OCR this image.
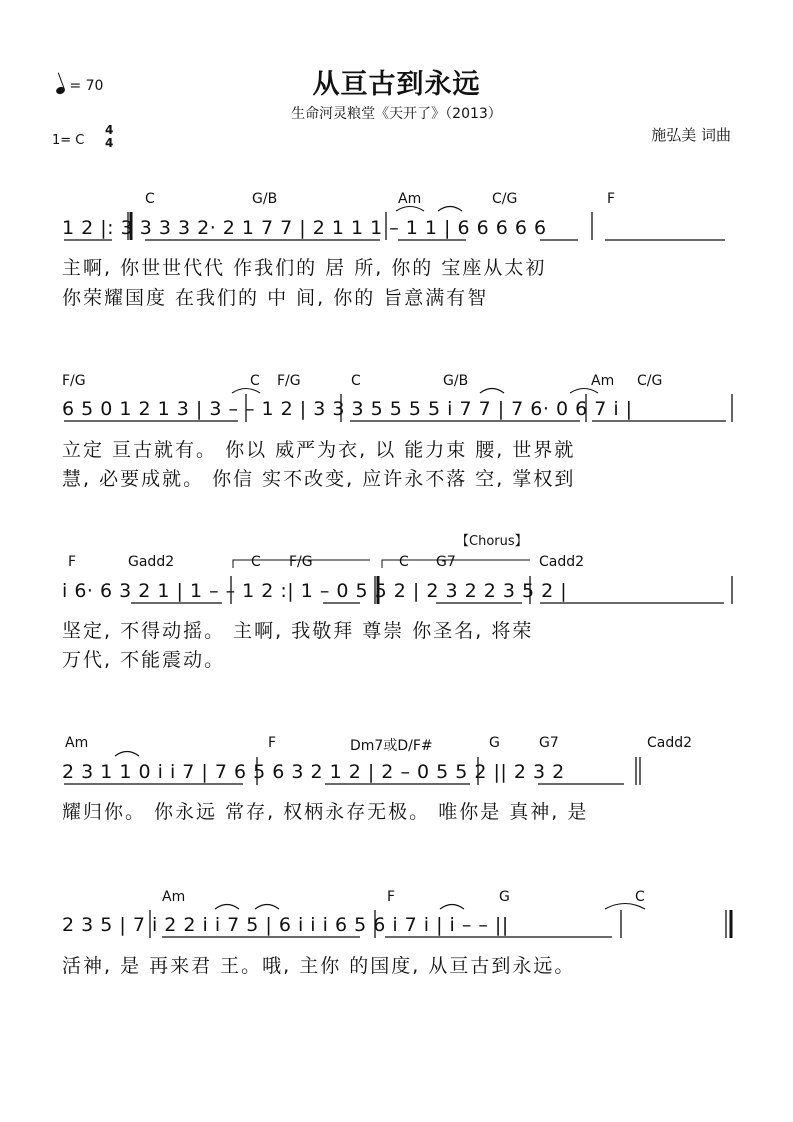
= 70	从亘古到永远
生命河灵粮堂《天开了》（2013）
施弘美 词曲
1= C
4
4
C	G/B	Am	C/G	F
1 2 |: 3 3 3 3 2· 2 1 7 7 | 2 1 1 1 – 1 1 | 6 6 6 6 6
主啊, 你世世代代 作我们的 居 所, 你的 宝座从太初
你荣耀国度 在我们的 中 间, 你的 旨意满有智
F/G	C F/G	C	G/B	Am C/G
6 5 0 1 2 1 3 | 3 – – 1 2 | 3 3 3 5 5 5 5 i 7 7 | 7 6· 0 6 7 i |
立定 亘古就有。 你以 威严为衣, 以 能力束 腰, 世界就
慧, 必要成就。 你信 实不改变, 应许永不落 空, 掌权到
【Chorus】
F	Gadd2	C F/G	C G7	Cadd2
i 6· 6 3 2 1 | 1 – – 1 2 :| 1 – 0 5 5 2 | 2 3 2 2 3 5 2 |
坚定, 不得动摇。 主啊, 我敬拜 尊崇 你圣名, 将荣
万代, 不能震动。
Am	F	Dm7或D/F#	G	G7	Cadd2
2 3 1 1 0 i i 7 | 7 6 5 6 3 2 1 2 | 2 – 0 5 5 2 || 2 3 2
耀归你。 你永远 常存, 权柄永存无极。 唯你是 真神, 是
Am	F	G	C
2 3 5 | 7 i 2 2 i i 7 5 | 6 i i i 6 5 6 i 7 i | i – – ||
活神, 是 再来君 王。哦, 主你 的国度, 从亘古到永远。
